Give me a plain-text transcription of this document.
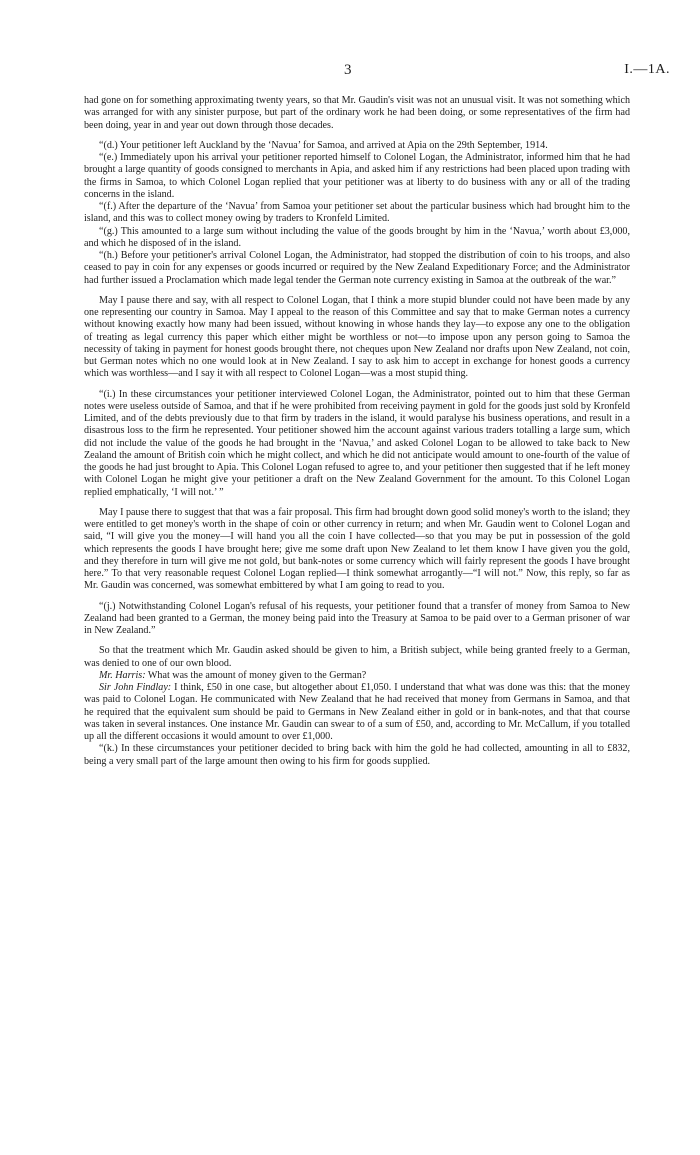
3	I.—1A.

had gone on for something approximating twenty years, so that Mr. Gaudin's visit was not an unusual visit. It was not something which was arranged for with any sinister purpose, but part of the ordinary work he had been doing, or some representatives of the firm had been doing, year in and year out down through those decades.

“(d.) Your petitioner left Auckland by the ‘Navua’ for Samoa, and arrived at Apia on the 29th September, 1914.

“(e.) Immediately upon his arrival your petitioner reported himself to Colonel Logan, the Administrator, informed him that he had brought a large quantity of goods consigned to merchants in Apia, and asked him if any restrictions had been placed upon trading with the firms in Samoa, to which Colonel Logan replied that your petitioner was at liberty to do business with any or all of the trading concerns in the island.

“(f.) After the departure of the ‘Navua’ from Samoa your petitioner set about the particular business which had brought him to the island, and this was to collect money owing by traders to Kronfeld Limited.

“(g.) This amounted to a large sum without including the value of the goods brought by him in the ‘Navua,’ worth about £3,000, and which he disposed of in the island.

“(h.) Before your petitioner's arrival Colonel Logan, the Administrator, had stopped the distribution of coin to his troops, and also ceased to pay in coin for any expenses or goods incurred or required by the New Zealand Expeditionary Force; and the Administrator had further issued a Proclamation which made legal tender the German note currency existing in Samoa at the outbreak of the war.”

May I pause there and say, with all respect to Colonel Logan, that I think a more stupid blunder could not have been made by any one representing our country in Samoa. May I appeal to the reason of this Committee and say that to make German notes a currency without knowing exactly how many had been issued, without knowing in whose hands they lay—to expose any one to the obligation of treating as legal currency this paper which either might be worthless or not—to impose upon any person going to Samoa the necessity of taking in payment for honest goods brought there, not cheques upon New Zealand nor drafts upon New Zealand, not coin, but German notes which no one would look at in New Zealand. I say to ask him to accept in exchange for honest goods a currency which was worthless—and I say it with all respect to Colonel Logan—was a most stupid thing.

“(i.) In these circumstances your petitioner interviewed Colonel Logan, the Administrator, pointed out to him that these German notes were useless outside of Samoa, and that if he were prohibited from receiving payment in gold for the goods just sold by Kronfeld Limited, and of the debts previously due to that firm by traders in the island, it would paralyse his business operations, and result in a disastrous loss to the firm he represented. Your petitioner showed him the account against various traders totalling a large sum, which did not include the value of the goods he had brought in the ‘Navua,’ and asked Colonel Logan to be allowed to take back to New Zealand the amount of British coin which he might collect, and which he did not anticipate would amount to one-fourth of the value of the goods he had just brought to Apia. This Colonel Logan refused to agree to, and your petitioner then suggested that if he left money with Colonel Logan he might give your petitioner a draft on the New Zealand Government for the amount. To this Colonel Logan replied emphatically, ‘I will not.’ ”

May I pause there to suggest that that was a fair proposal. This firm had brought down good solid money's worth to the island; they were entitled to get money's worth in the shape of coin or other currency in return; and when Mr. Gaudin went to Colonel Logan and said, “I will give you the money—I will hand you all the coin I have collected—so that you may be put in possession of the gold which represents the goods I have brought here; give me some draft upon New Zealand to let them know I have given you the gold, and they therefore in turn will give me not gold, but bank-notes or some currency which will fairly represent the goods I have brought here.” To that very reasonable request Colonel Logan replied—I think somewhat arrogantly—“I will not.” Now, this reply, so far as Mr. Gaudin was concerned, was somewhat embittered by what I am going to read to you.

“(j.) Notwithstanding Colonel Logan's refusal of his requests, your petitioner found that a transfer of money from Samoa to New Zealand had been granted to a German, the money being paid into the Treasury at Samoa to be paid over to a German prisoner of war in New Zealand.”

So that the treatment which Mr. Gaudin asked should be given to him, a British subject, while being granted freely to a German, was denied to one of our own blood.

Mr. Harris: What was the amount of money given to the German?

Sir John Findlay: I think, £50 in one case, but altogether about £1,050. I understand that what was done was this: that the money was paid to Colonel Logan. He communicated with New Zealand that he had received that money from Germans in Samoa, and that he required that the equivalent sum should be paid to Germans in New Zealand either in gold or in bank-notes, and that that course was taken in several instances. One instance Mr. Gaudin can swear to of a sum of £50, and, according to Mr. McCallum, if you totalled up all the different occasions it would amount to over £1,000.

“(k.) In these circumstances your petitioner decided to bring back with him the gold he had collected, amounting in all to £832, being a very small part of the large amount then owing to his firm for goods supplied.
